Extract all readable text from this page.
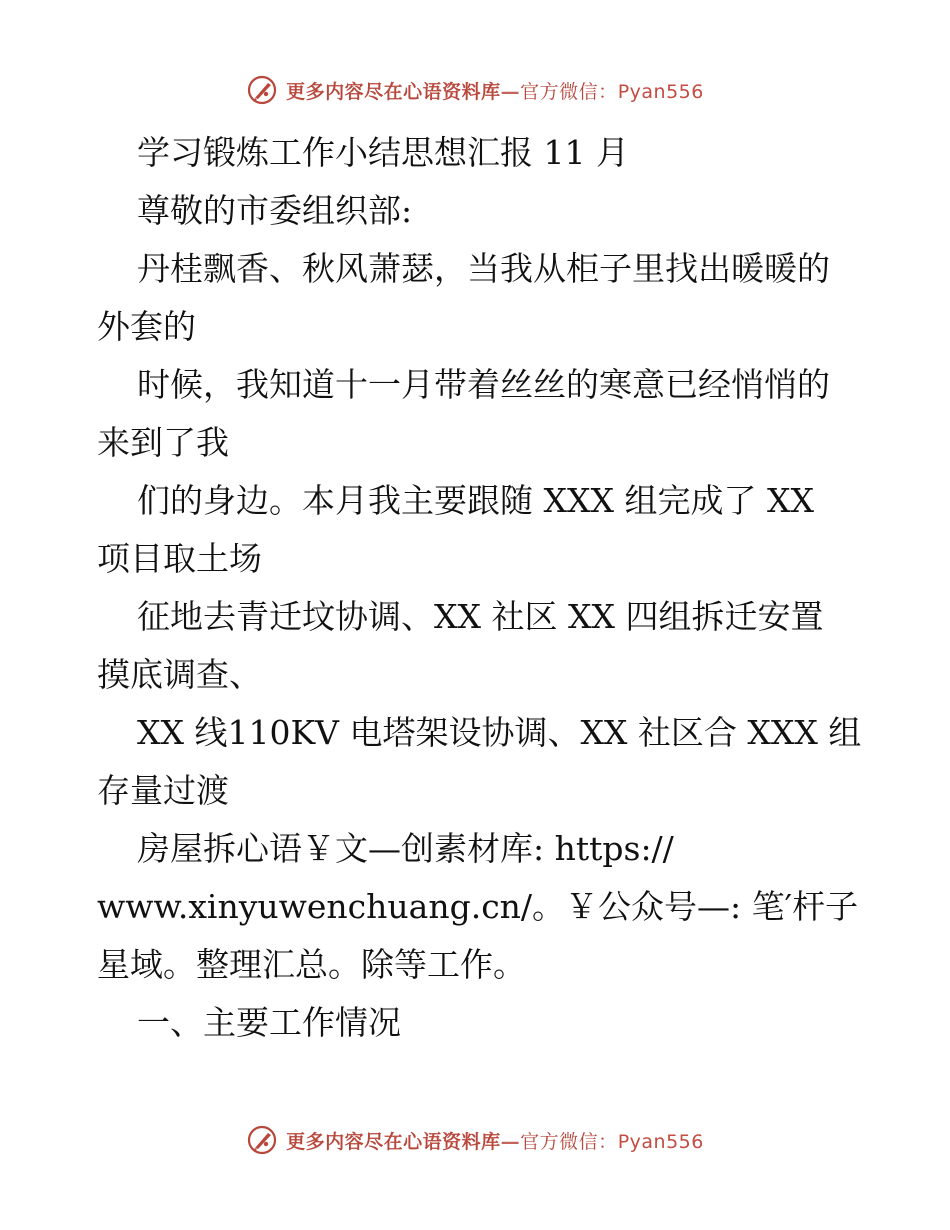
更多内容尽在心语资料库—官方微信：Pyan556

学习锻炼工作小结思想汇报 11 月

尊敬的市委组织部:

丹桂飘香、秋风萧瑟，当我从柜子里找出暖暖的

外套的

时候，我知道十一月带着丝丝的寒意已经悄悄的

来到了我

们的身边。本月我主要跟随 XXX 组完成了 XX

项目取土场

征地去青迁坟协调、XX 社区 XX 四组拆迁安置

摸底调查、

XX 线110KV 电塔架设协调、XX 社区合 XXX 组

存量过渡

房屋拆心语￥文—创素材库: https://

www.xinyuwenchuang.cn/。￥公众号—: 笔′杆子

星域。整理汇总。除等工作。

一、主要工作情况

更多内容尽在心语资料库—官方微信：Pyan556
